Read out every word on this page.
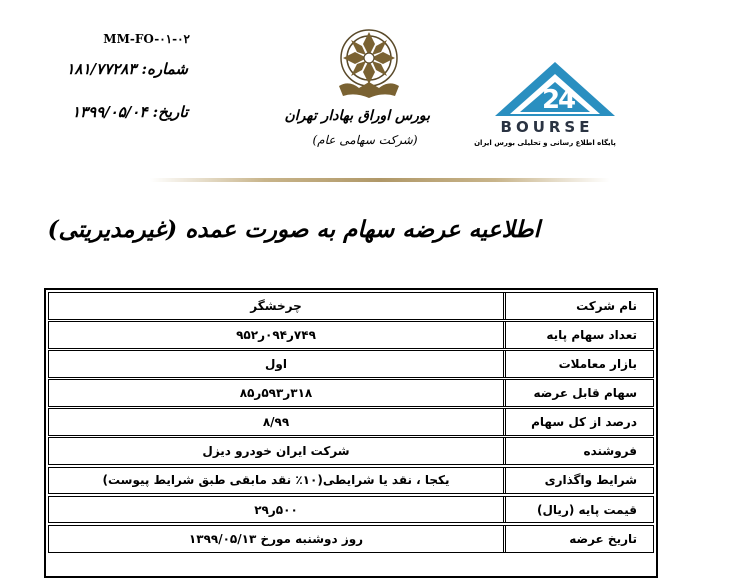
MM-FO-۰۱-۰۲
شماره: ۱۸۱/۷۷۲۸۳
تاریخ: ۱۳۹۹/۰۵/۰۴	بورس اوراق بهادار تهران
(شرکت سهامی عام)
2
4
BOURSE
پایگاه اطلاع رسانی و تحلیلی بورس ایران
اطلاعیه عرضه سهام به صورت عمده (غیرمدیریتی)
نام شرکت
چرخشگر
تعداد سهام پایه
۷۴۹ر۰۹۴ر۹۵۲
بازار معاملات
اول
سهام قابل عرضه
۳۱۸ر۵۹۳ر۸۵
درصد از کل سهام
۸/۹۹
فروشنده
شرکت ایران خودرو دیزل
شرایط واگذاری
یکجا ، نقد یا شرایطی(۱۰٪ نقد مابقی طبق شرایط پیوست)
قیمت پایه (ریال)
۵۰۰ر۲۹
تاریخ عرضه
روز دوشنبه مورخ ۱۳۹۹/۰۵/۱۳
